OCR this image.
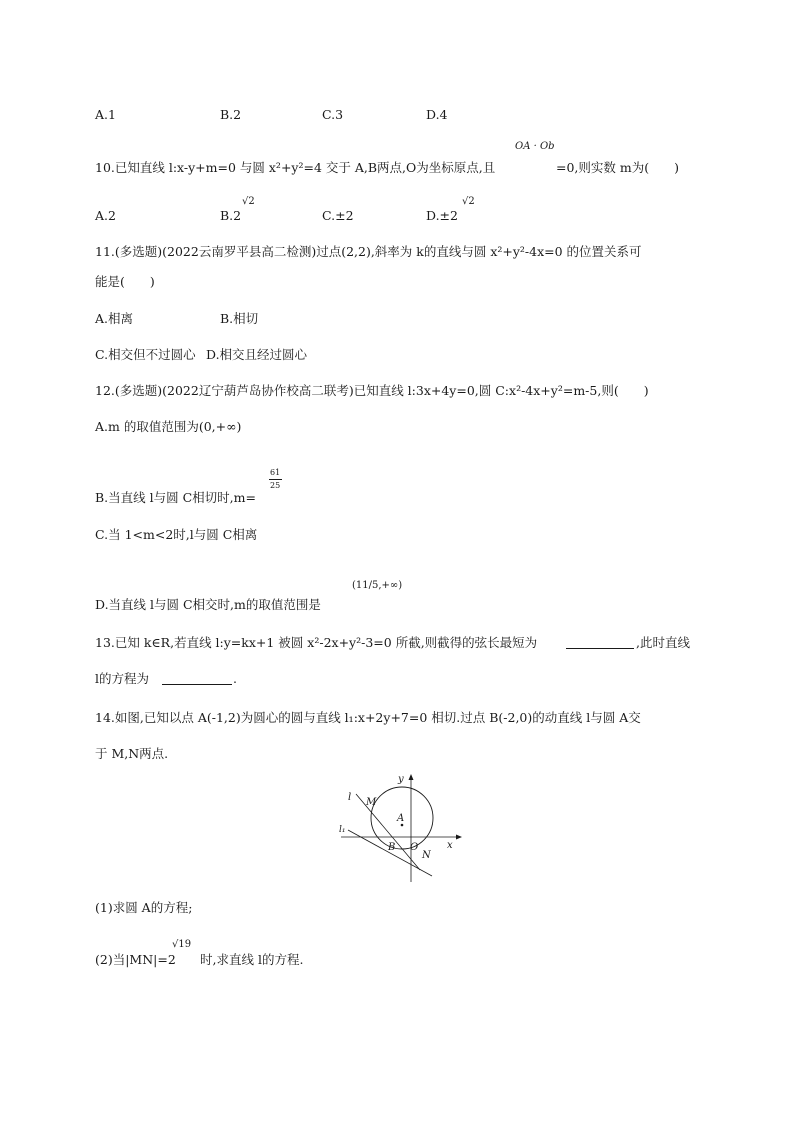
A.1	B.2	C.3	D.4
OA · Ob
10.已知直线 l:x-y+m=0 与圆 x²+y²=4 交于 A,B两点,O为坐标原点,且	=0,则实数 m为(　　)
A.2	B.2
√2
C.±2	D.±2
√2
11.(多选题)(2022云南罗平县高二检测)过点(2,2),斜率为 k的直线与圆 x²+y²-4x=0 的位置关系可
能是(　　)
A.相离	B.相切
C.相交但不过圆心 D.相交且经过圆心
12.(多选题)(2022辽宁葫芦岛协作校高二联考)已知直线 l:3x+4y=0,圆 C:x²-4x+y²=m-5,则(　　)
A.m 的取值范围为(0,+∞)
61
25
B.当直线 l与圆 C相切时,m=
C.当 1<m<2时,l与圆 C相离
D.当直线 l与圆 C相交时,m的取值范围是
(11/5,+∞)
13.已知 k∈R,若直线 l:y=kx+1 被圆 x²-2x+y²-3=0 所截,则截得的弦长最短为	,此时直线
l的方程为	.
14.如图,已知以点 A(-1,2)为圆心的圆与直线 l₁:x+2y+7=0 相切.过点 B(-2,0)的动直线 l与圆 A交
于 M,N两点.
y
x
l M
A
l₁
B O
N
(1)求圆 A的方程;
(2)当|MN|=2
√19
时,求直线 l的方程.
